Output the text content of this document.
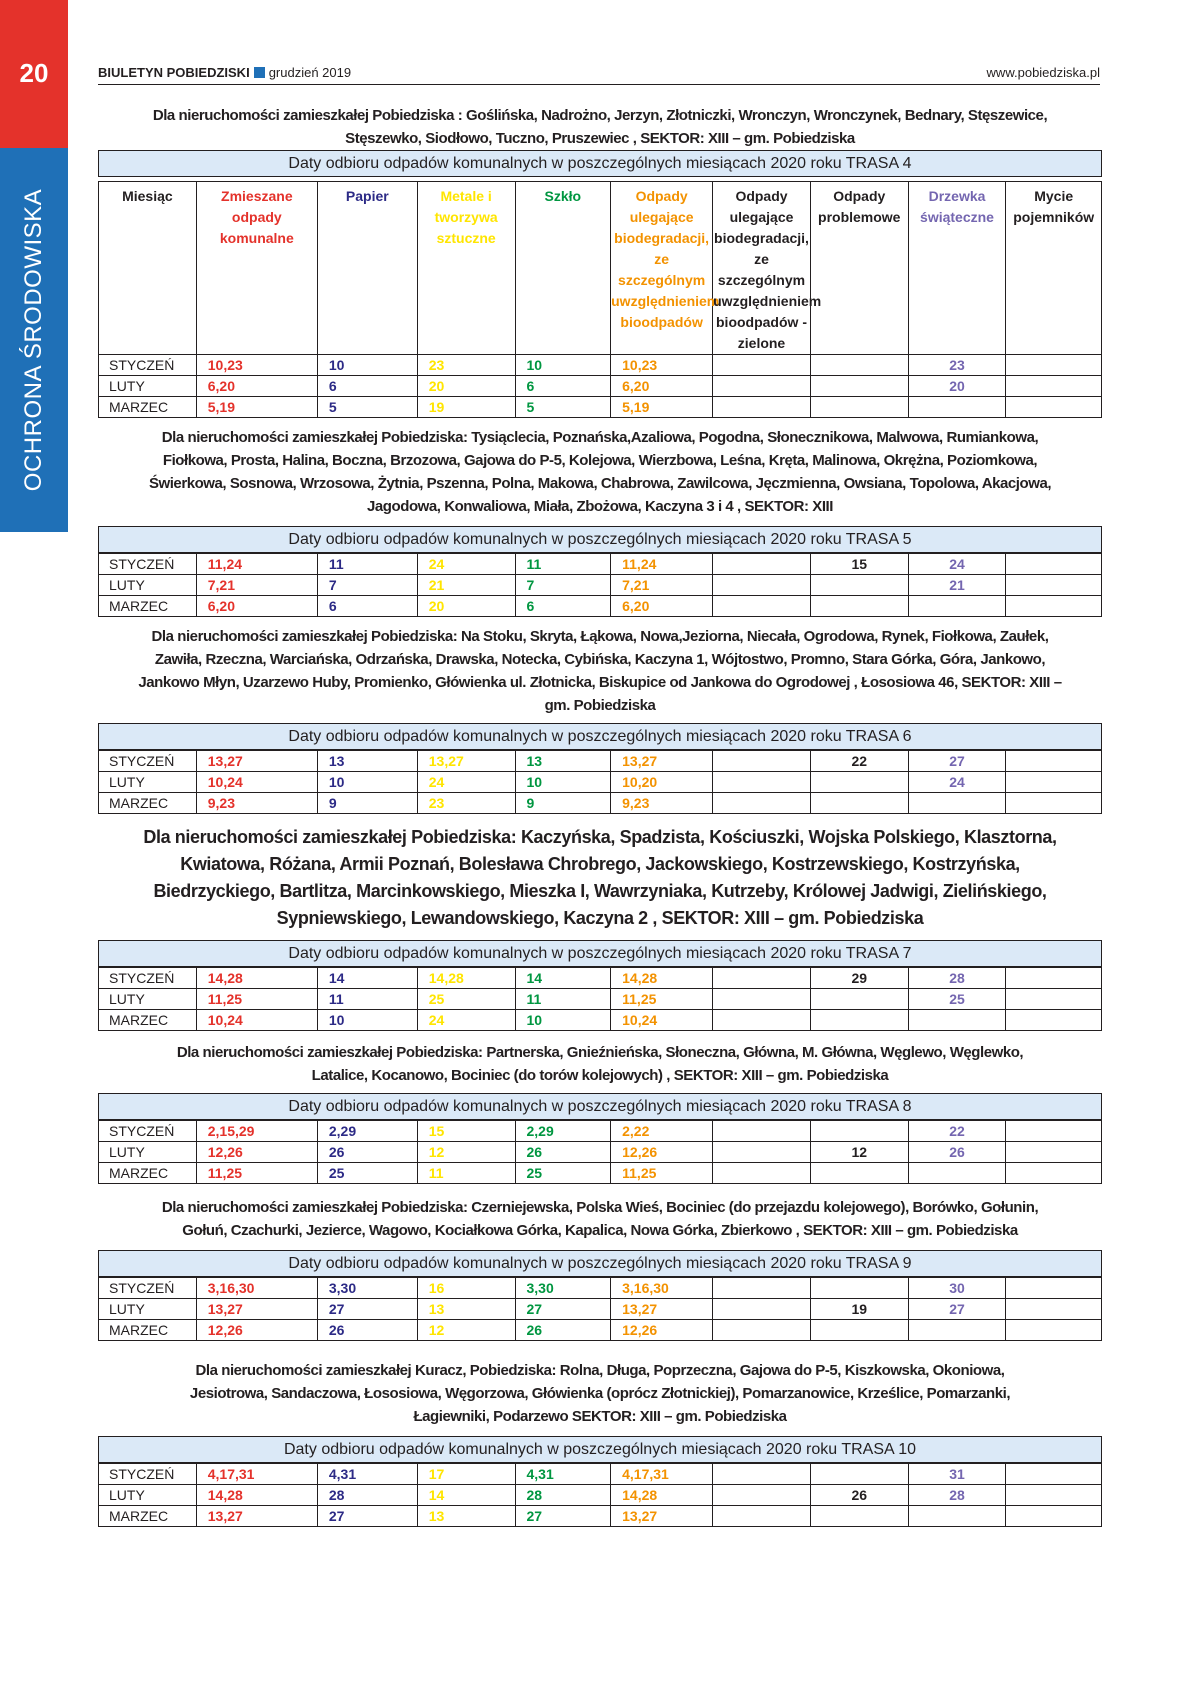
20
OCHRONA ŚRODOWISKA
BIULETYN POBIEDZISKI grudzień 2019	www.pobiedziska.pl
Dla nieruchomości zamieszkałej Pobiedziska : Goślińska, Nadrożno, Jerzyn, Złotniczki, Wronczyn, Wronczynek, Bednary, Stęszewice, Stęszewko, Siodłowo, Tuczno, Pruszewiec , SEKTOR: XIII – gm. Pobiedziska
Daty odbioru odpadów komunalnych w poszczególnych miesiącach 2020 roku TRASA 4
Miesiąc	Zmieszane odpady komunalne	Papier	Metale i tworzywa sztuczne	Szkło	Odpady ulegające biodegradacji, ze szczególnym uwzględnieniem bioodpadów	Odpady ulegające biodegradacji, ze szczególnym uwzględnieniem bioodpadów - zielone	Odpady problemowe	Drzewka świąteczne	Mycie pojemników
STYCZEŃ	10,23	10	23	10	10,23			23	
LUTY	6,20	6	20	6	6,20			20	
MARZEC	5,19	5	19	5	5,19				
Dla nieruchomości zamieszkałej Pobiedziska: Tysiąclecia, Poznańska,Azaliowa, Pogodna, Słonecznikowa, Malwowa, Rumiankowa, Fiołkowa, Prosta, Halina, Boczna, Brzozowa, Gajowa do P-5, Kolejowa, Wierzbowa, Leśna, Kręta, Malinowa, Okrężna, Poziomkowa, Świerkowa, Sosnowa, Wrzosowa, Żytnia, Pszenna, Polna, Makowa, Chabrowa, Zawilcowa, Jęczmienna, Owsiana, Topolowa, Akacjowa, Jagodowa, Konwaliowa, Miała, Zbożowa, Kaczyna 3 i 4 , SEKTOR: XIII
Daty odbioru odpadów komunalnych w poszczególnych miesiącach 2020 roku TRASA 5
STYCZEŃ	11,24	11	24	11	11,24		15	24	
LUTY	7,21	7	21	7	7,21			21	
MARZEC	6,20	6	20	6	6,20				
Dla nieruchomości zamieszkałej Pobiedziska: Na Stoku, Skryta, Łąkowa, Nowa,Jeziorna, Niecała, Ogrodowa, Rynek, Fiołkowa, Zaułek, Zawiła, Rzeczna, Warciańska, Odrzańska, Drawska, Notecka, Cybińska, Kaczyna 1, Wójtostwo, Promno, Stara Górka, Góra, Jankowo, Jankowo Młyn, Uzarzewo Huby, Promienko, Główienka ul. Złotnicka, Biskupice od Jankowa do Ogrodowej , Łososiowa 46, SEKTOR: XIII – gm. Pobiedziska
Daty odbioru odpadów komunalnych w poszczególnych miesiącach 2020 roku TRASA 6
STYCZEŃ	13,27	13	13,27	13	13,27		22	27	
LUTY	10,24	10	24	10	10,20			24	
MARZEC	9,23	9	23	9	9,23				
Dla nieruchomości zamieszkałej Pobiedziska: Kaczyńska, Spadzista, Kościuszki, Wojska Polskiego, Klasztorna, Kwiatowa, Różana, Armii Poznań, Bolesława Chrobrego, Jackowskiego, Kostrzewskiego, Kostrzyńska, Biedrzyckiego, Bartlitza, Marcinkowskiego, Mieszka I, Wawrzyniaka, Kutrzeby, Królowej Jadwigi, Zielińskiego, Sypniewskiego, Lewandowskiego, Kaczyna 2 , SEKTOR: XIII – gm. Pobiedziska
Daty odbioru odpadów komunalnych w poszczególnych miesiącach 2020 roku TRASA 7
STYCZEŃ	14,28	14	14,28	14	14,28		29	28	
LUTY	11,25	11	25	11	11,25			25	
MARZEC	10,24	10	24	10	10,24				
Dla nieruchomości zamieszkałej Pobiedziska: Partnerska, Gnieźnieńska, Słoneczna, Główna, M. Główna, Węglewo, Węglewko, Latalice, Kocanowo, Bociniec (do torów kolejowych) , SEKTOR: XIII – gm. Pobiedziska
Daty odbioru odpadów komunalnych w poszczególnych miesiącach 2020 roku TRASA 8
STYCZEŃ	2,15,29	2,29	15	2,29	2,22			22	
LUTY	12,26	26	12	26	12,26		12	26	
MARZEC	11,25	25	11	25	11,25				
Dla nieruchomości zamieszkałej Pobiedziska: Czerniejewska, Polska Wieś, Bociniec (do przejazdu kolejowego), Borówko, Gołunin, Gołuń, Czachurki, Jezierce, Wagowo, Kociałkowa Górka, Kapalica, Nowa Górka, Zbierkowo , SEKTOR: XIII – gm. Pobiedziska
Daty odbioru odpadów komunalnych w poszczególnych miesiącach 2020 roku TRASA 9
STYCZEŃ	3,16,30	3,30	16	3,30	3,16,30			30	
LUTY	13,27	27	13	27	13,27		19	27	
MARZEC	12,26	26	12	26	12,26				
Dla nieruchomości zamieszkałej Kuracz, Pobiedziska: Rolna, Długa, Poprzeczna, Gajowa do P-5, Kiszkowska, Okoniowa, Jesiotrowa, Sandaczowa, Łososiowa, Węgorzowa, Główienka (oprócz Złotnickiej), Pomarzanowice, Krześlice, Pomarzanki, Łagiewniki, Podarzewo SEKTOR: XIII – gm. Pobiedziska
Daty odbioru odpadów komunalnych w poszczególnych miesiącach 2020 roku TRASA 10
STYCZEŃ	4,17,31	4,31	17	4,31	4,17,31			31	
LUTY	14,28	28	14	28	14,28		26	28	
MARZEC	13,27	27	13	27	13,27				
